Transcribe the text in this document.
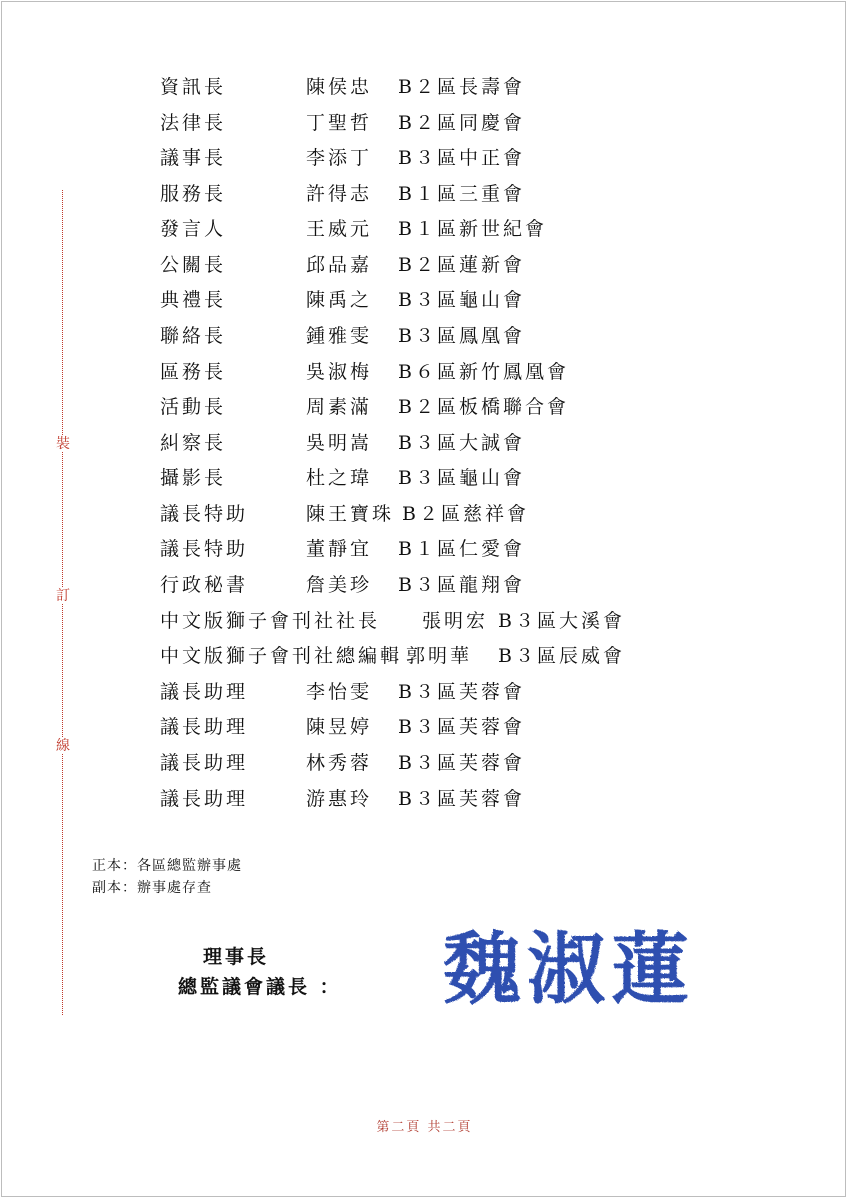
裝
訂
線
資訊長	陳侯忠 B２區長壽會
法律長	丁聖哲 B２區同慶會
議事長	李添丁 B３區中正會
服務長	許得志 B１區三重會
發言人	王威元 B１區新世紀會
公關長	邱品嘉 B２區蓮新會
典禮長	陳禹之 B３區龜山會
聯絡長	鍾雅雯 B３區鳳凰會
區務長	吳淑梅 B６區新竹鳳凰會
活動長	周素滿 B２區板橋聯合會
糾察長	吳明嵩 B３區大誠會
攝影長	杜之瑋 B３區龜山會
議長特助	陳王寶珠 B２區慈祥會
議長特助	董靜宜 B１區仁愛會
行政秘書	詹美珍 B３區龍翔會
中文版獅子會刊社社長 張明宏 B３區大溪會
中文版獅子會刊社總編輯 郭明華 B３區辰威會
議長助理	李怡雯 B３區芙蓉會
議長助理	陳昱婷 B３區芙蓉會
議長助理	林秀蓉 B３區芙蓉會
議長助理	游惠玲 B３區芙蓉會
正本：各區總監辦事處
副本：辦事處存查
理事長
總監議會議長 ： 魏淑蓮
第二頁 共二頁
